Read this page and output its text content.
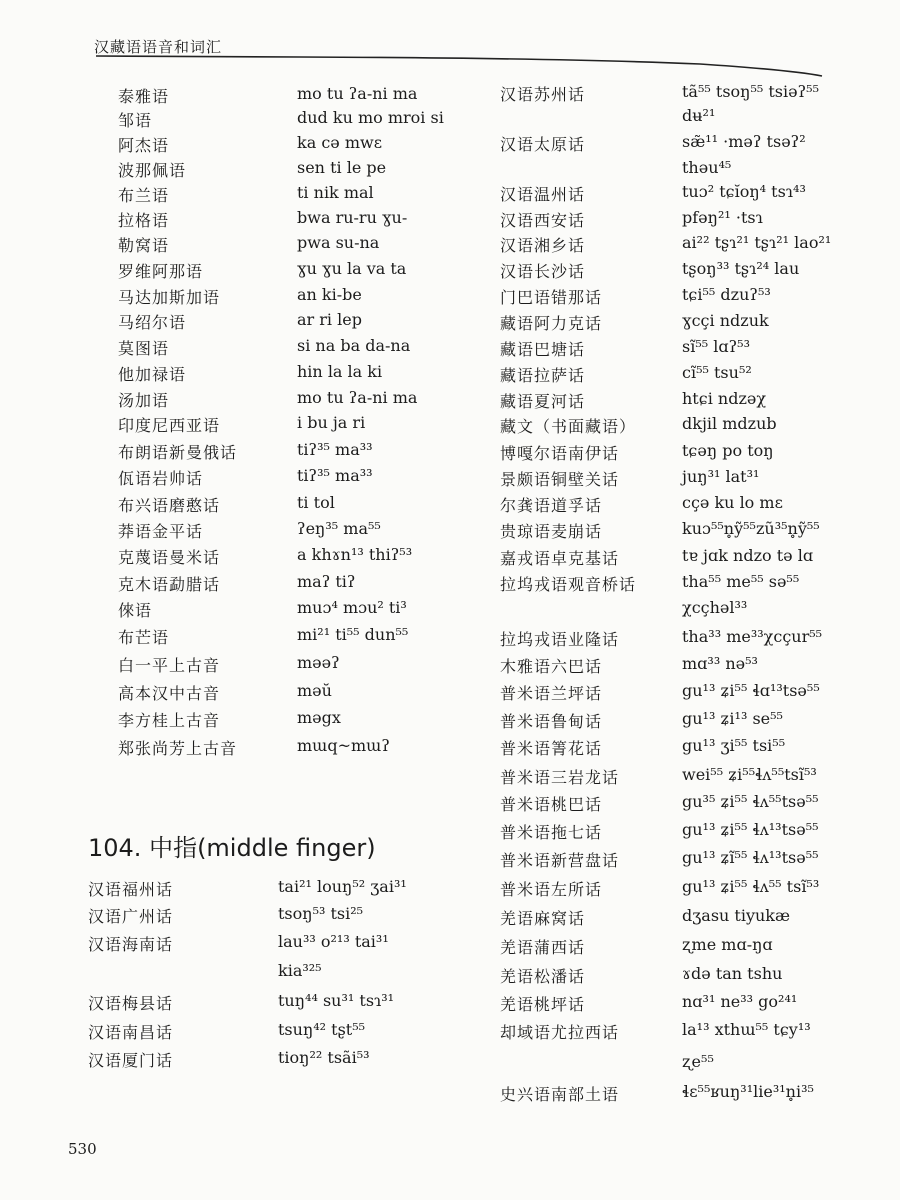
汉藏语语音和词汇
泰雅语	mo tu ʔa-ni ma
邹语	dud ku mo mroi si
阿杰语	ka cə mwɛ
波那佩语	sen ti le pe
布兰语	ti nik mal
拉格语	bwa ru-ru ɣu-
勒窝语	pwa su-na
罗维阿那语	ɣu ɣu la va ta
马达加斯加语	an ki-be
马绍尔语	ar ri lep
莫图语	si na ba da-na
他加禄语	hin la la ki
汤加语	mo tu ʔa-ni ma
印度尼西亚语	i bu ja ri
布朗语新曼俄话	tiʔ³⁵ ma³³
佤语岩帅话	tiʔ³⁵ ma³³
布兴语磨憨话	ti tol
莽语金平话	ʔeŋ³⁵ ma⁵⁵
克蔑语曼米话	a khɤn¹³ thiʔ⁵³
克木语勐腊话	maʔ tiʔ
倈语	muɔ⁴ mɔu² ti³
布芒语	mi²¹ ti⁵⁵ dun⁵⁵
白一平上古音	məəʔ
高本汉中古音	məŭ
李方桂上古音	məgx
郑张尚芳上古音	mɯq~mɯʔ
104. 中指(middle finger)
汉语福州话	tai²¹ louŋ⁵² ʒai³¹
汉语广州话	tsoŋ⁵³ tsi²⁵
汉语海南话	lau³³ o²¹³ tai³¹
kia³²⁵
汉语梅县话	tuŋ⁴⁴ su³¹ tsɿ³¹
汉语南昌话	tsuŋ⁴² tʂt⁵⁵
汉语厦门话	tioŋ²² tsãi⁵³
汉语苏州话	tã⁵⁵ tsoŋ⁵⁵ tsiəʔ⁵⁵
dʉ²¹
汉语太原话	sæ̃¹¹ ·məʔ tsəʔ²
thəu⁴⁵
汉语温州话	tuɔ² tɕĭoŋ⁴ tsɿ⁴³
汉语西安话	pfəŋ²¹ ·tsɿ
汉语湘乡话	ai²² tʂɿ²¹ tʂɿ²¹ lao²¹
汉语长沙话	tʂoŋ³³ tʂɿ²⁴ lau
门巴语错那话	tɕi⁵⁵ dzuʔ⁵³
藏语阿力克话	ɣcçi ndzuk
藏语巴塘话	sĩ⁵⁵ lɑʔ⁵³
藏语拉萨话	cĩ⁵⁵ tsu⁵²
藏语夏河话	htɕi ndzəχ
藏文（书面藏语）	dkjil mdzub
博嘎尔语南伊话	tɕəŋ po toŋ
景颇语铜壁关话	juŋ³¹ lat³¹
尔龚语道孚话	cçə ku lo mɛ
贵琼语麦崩话	kuɔ⁵⁵n̥ỹ⁵⁵zũ³⁵n̥ỹ⁵⁵
嘉戎语卓克基话	tɐ jɑk ndzo tə lɑ
拉坞戎语观音桥话	tha⁵⁵ me⁵⁵ sə⁵⁵
χcçhəl³³
拉坞戎语业隆话	tha³³ me³³χcçur⁵⁵
木雅语六巴话	mɑ³³ nə⁵³
普米语兰坪话	gu¹³ ʑi⁵⁵ ɬɑ¹³tsə⁵⁵
普米语鲁甸话	gu¹³ ʑi¹³ se⁵⁵
普米语箐花话	gu¹³ ʒi⁵⁵ tsi⁵⁵
普米语三岩龙话	wei⁵⁵ ʑi⁵⁵ɬʌ⁵⁵tsĩ⁵³
普米语桃巴话	gu³⁵ ʑi⁵⁵ ɬʌ⁵⁵tsə⁵⁵
普米语拖七话	gu¹³ ʑi⁵⁵ ɬʌ¹³tsə⁵⁵
普米语新营盘话	gu¹³ ʑĩ⁵⁵ ɬʌ¹³tsə⁵⁵
普米语左所话	gu¹³ ʑi⁵⁵ ɬʌ⁵⁵ tsĩ⁵³
羌语麻窝话	dʒasu tiyukæ
羌语蒲西话	ʐme mɑ-ŋɑ
羌语松潘话	ɤdə tan tshu
羌语桃坪话	nɑ³¹ ne³³ go²⁴¹
却域语尤拉西话	la¹³ xthɯ⁵⁵ tɕy¹³
ʐe⁵⁵
史兴语南部土语	ɬɛ⁵⁵ʁuŋ³¹lie³¹n̥i³⁵
530
